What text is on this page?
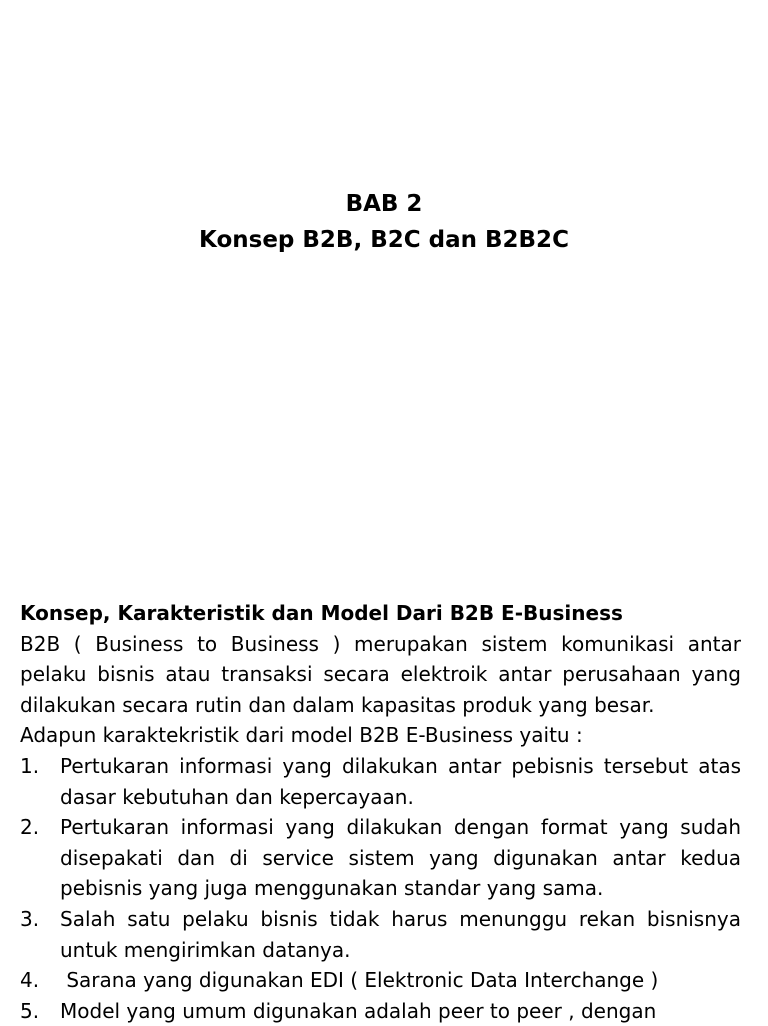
BAB 2
Konsep B2B, B2C dan B2B2C
Konsep, Karakteristik dan Model Dari B2B E-Business
B2B ( Business to Business ) merupakan sistem komunikasi antar pelaku bisnis atau transaksi secara elektroik antar perusahaan yang dilakukan secara rutin dan dalam kapasitas produk yang besar.
Adapun karaktekristik dari model B2B E-Business yaitu :
1. Pertukaran informasi yang dilakukan antar pebisnis tersebut atas dasar kebutuhan dan kepercayaan.
2. Pertukaran informasi yang dilakukan dengan format yang sudah disepakati dan di service sistem yang digunakan antar kedua pebisnis yang juga menggunakan standar yang sama.
3. Salah satu pelaku bisnis tidak harus menunggu rekan bisnisnya untuk mengirimkan datanya.
4. Sarana yang digunakan EDI ( Elektronic Data Interchange )
5. Model yang umum digunakan adalah peer to peer , dengan
